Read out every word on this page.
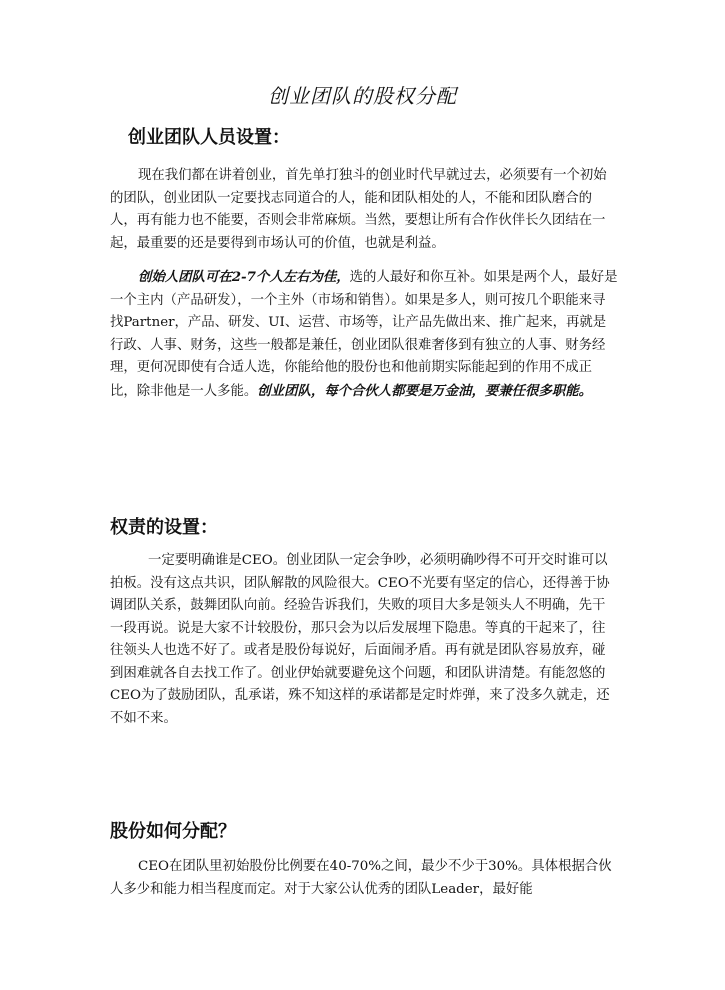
创业团队的股权分配
创业团队人员设置：

现在我们都在讲着创业，首先单打独斗的创业时代早就过去，必须要有一个初始的团队，创业团队一定要找志同道合的人，能和团队相处的人，不能和团队磨合的人，再有能力也不能要，否则会非常麻烦。当然，要想让所有合作伙伴长久团结在一起，最重要的还是要得到市场认可的价值，也就是利益。

创始人团队可在2-7个人左右为佳，选的人最好和你互补。如果是两个人，最好是一个主内（产品研发），一个主外（市场和销售）。如果是多人，则可按几个职能来寻找Partner，产品、研发、UI、运营、市场等，让产品先做出来、推广起来，再就是行政、人事、财务，这些一般都是兼任，创业团队很难奢侈到有独立的人事、财务经理，更何况即使有合适人选，你能给他的股份也和他前期实际能起到的作用不成正比，除非他是一人多能。创业团队，每个合伙人都要是万金油，要兼任很多职能。

权责的设置：

一定要明确谁是CEO。创业团队一定会争吵，必须明确吵得不可开交时谁可以拍板。没有这点共识，团队解散的风险很大。CEO不光要有坚定的信心，还得善于协调团队关系，鼓舞团队向前。经验告诉我们，失败的项目大多是领头人不明确，先干一段再说。说是大家不计较股份，那只会为以后发展埋下隐患。等真的干起来了，往往领头人也选不好了。或者是股份每说好，后面闹矛盾。再有就是团队容易放弃，碰到困难就各自去找工作了。创业伊始就要避免这个问题，和团队讲清楚。有能忽悠的CEO为了鼓励团队，乱承诺，殊不知这样的承诺都是定时炸弹，来了没多久就走，还不如不来。

股份如何分配？

CEO在团队里初始股份比例要在40-70%之间，最少不少于30%。具体根据合伙人多少和能力相当程度而定。对于大家公认优秀的团队Leader，最好能
